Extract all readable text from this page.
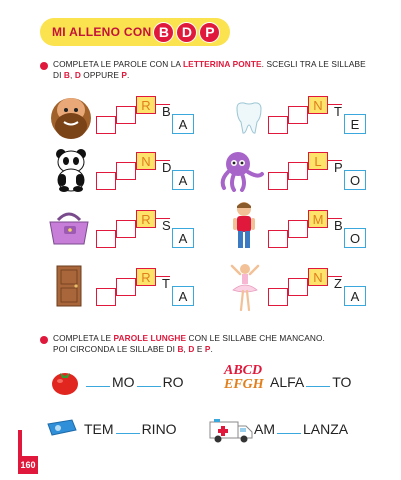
MI ALLENO CON B D P
COMPLETA LE PAROLE CON LA LETTERINA PONTE. SCEGLI TRA LE SILLABE
DI B, D OPPURE P.
R B
A
N T
E
N D
A
L P
O
R S
A
M B
O
R T
A
N Z
A
COMPLETA LE PAROLE LUNGHE CON LE SILLABE CHE MANCANO.
POI CIRCONDA LE SILLABE DI B, D E P.
ABCD
EFGH
MO RO	ALFA TO
TEM RINO	AM LANZA
160
